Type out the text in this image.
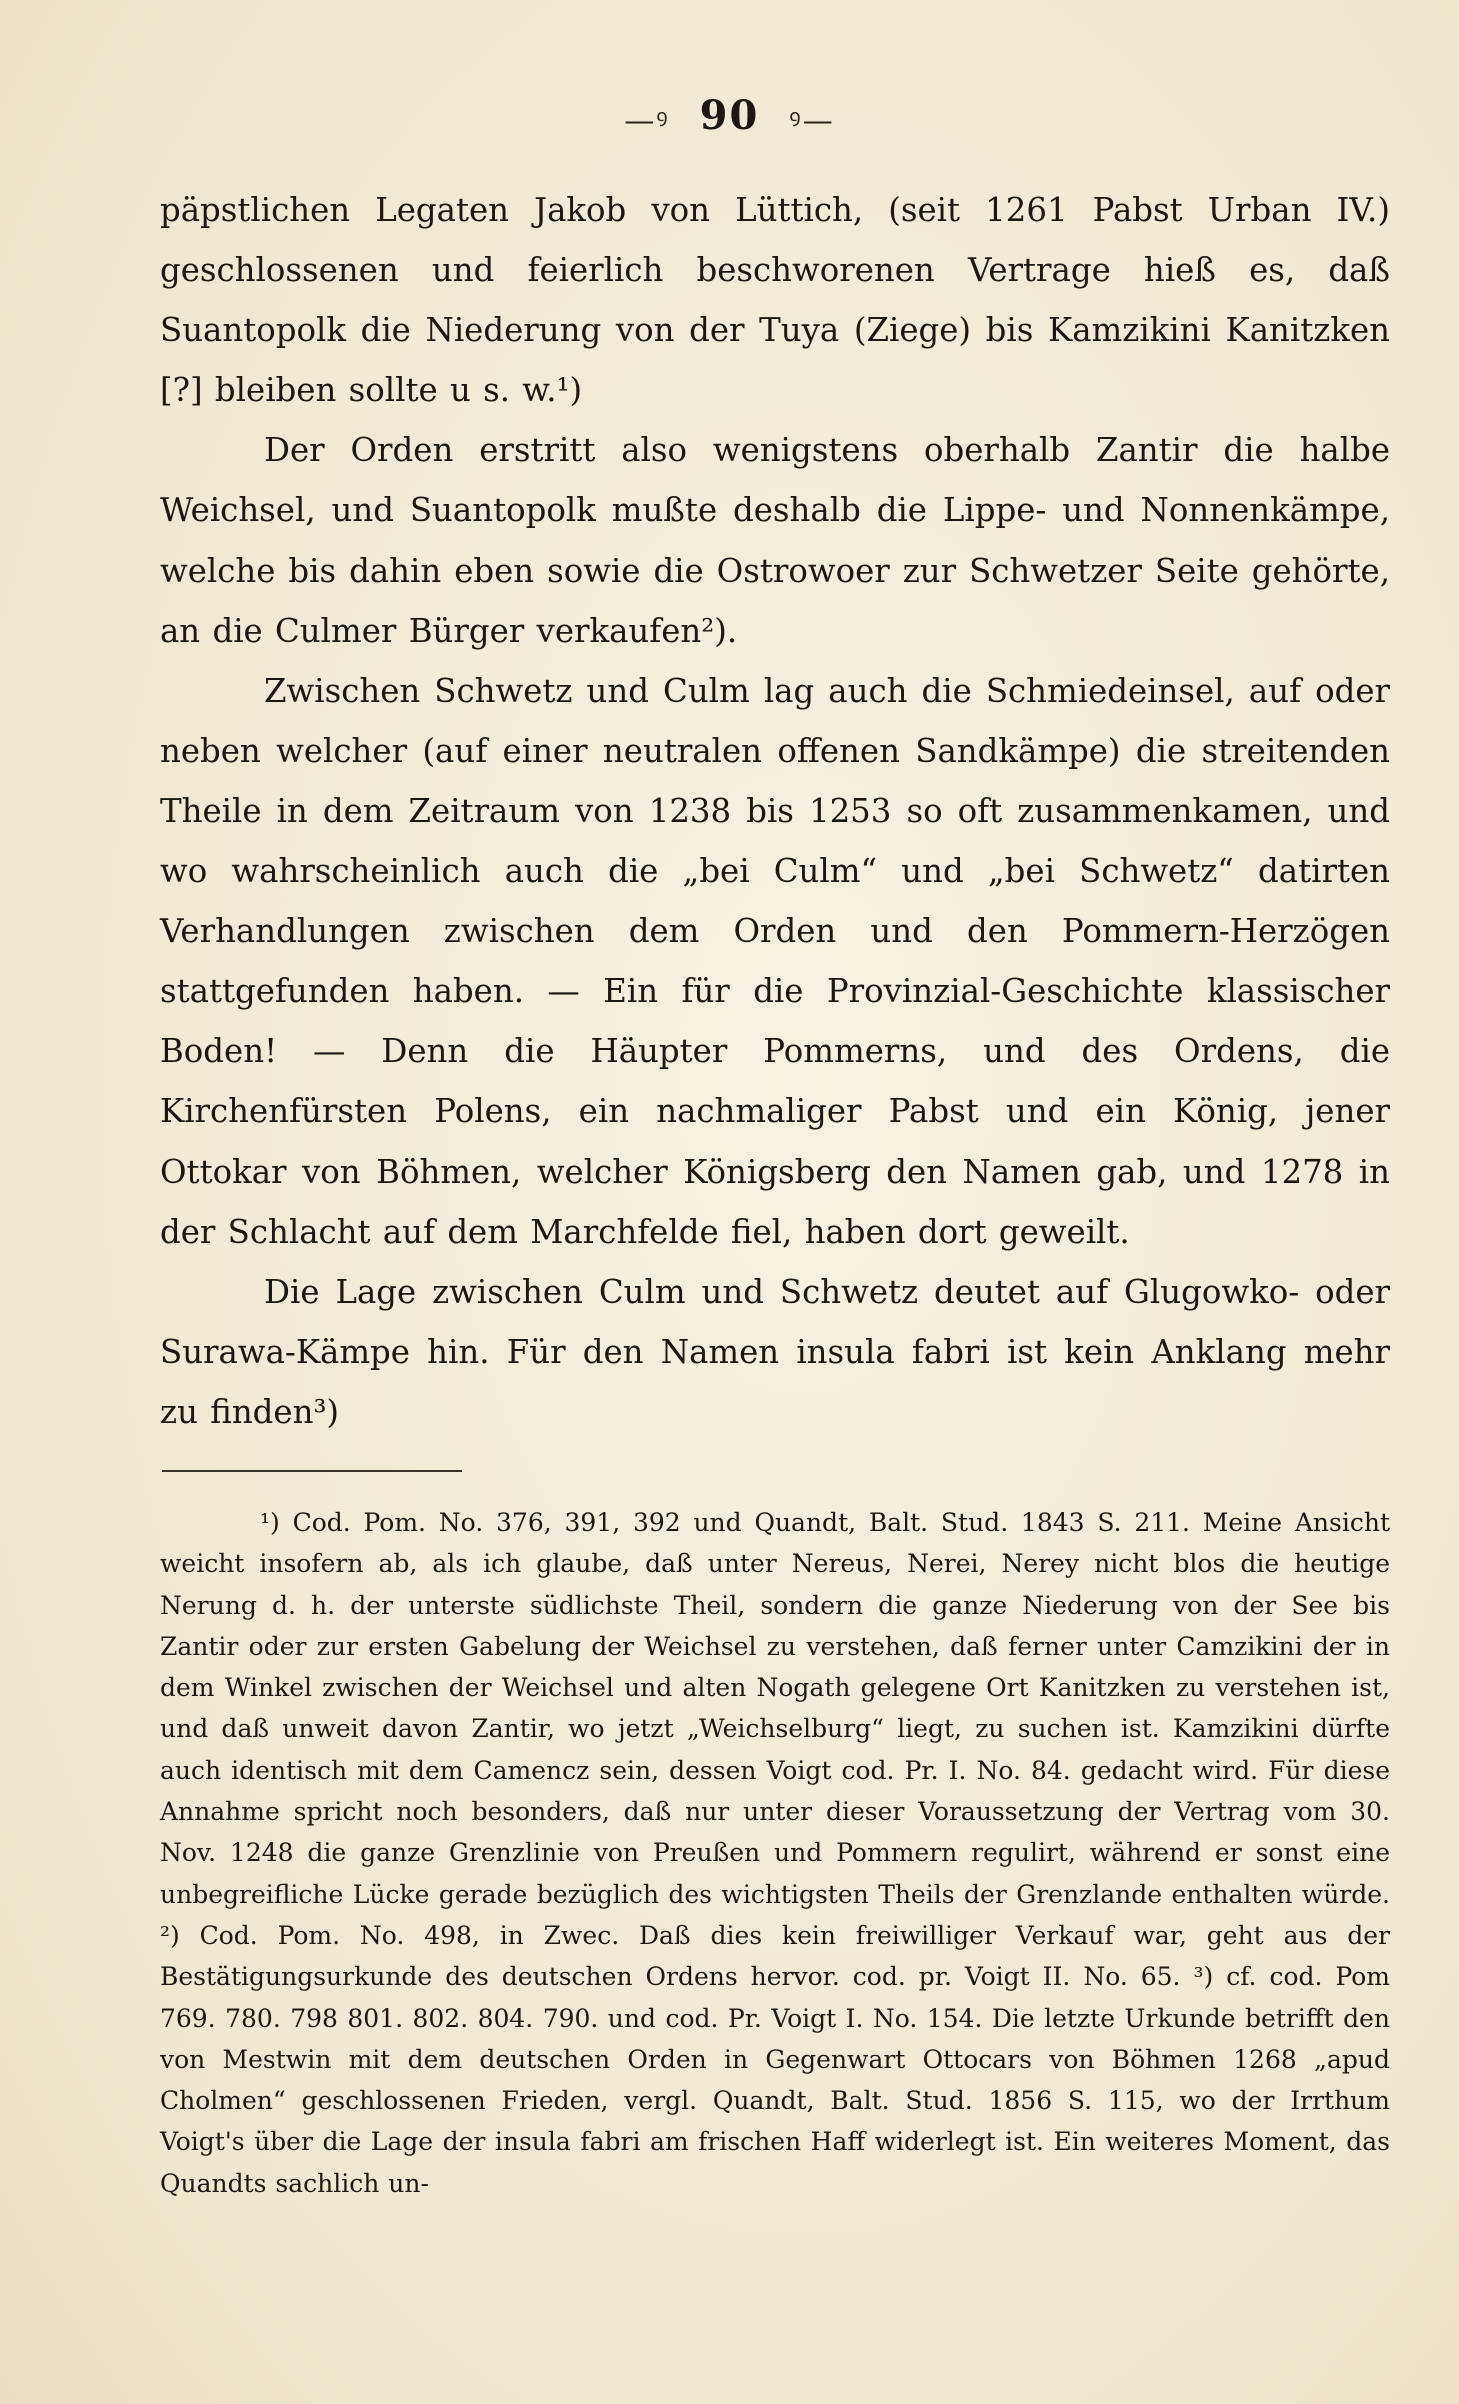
—ꝰ 90 ꝰ—

päpstlichen Legaten Jakob von Lüttich, (seit 1261 Pabst Urban IV.) geschlossenen und feierlich beschworenen Vertrage hieß es, daß Suantopolk die Niederung von der Tuya (Ziege) bis Kamzikini Kanitzken [?] bleiben sollte u s. w.¹)

Der Orden erstritt also wenigstens oberhalb Zantir die halbe Weichsel, und Suantopolk mußte deshalb die Lippe- und Nonnenkämpe, welche bis dahin eben sowie die Ostrowoer zur Schwetzer Seite gehörte, an die Culmer Bürger verkaufen²).

Zwischen Schwetz und Culm lag auch die Schmiedeinsel, auf oder neben welcher (auf einer neutralen offenen Sandkämpe) die streitenden Theile in dem Zeitraum von 1238 bis 1253 so oft zusammenkamen, und wo wahrscheinlich auch die „bei Culm“ und „bei Schwetz“ datirten Verhandlungen zwischen dem Orden und den Pommern-Herzögen stattgefunden haben. — Ein für die Provinzial-Geschichte klassischer Boden! — Denn die Häupter Pommerns, und des Ordens, die Kirchenfürsten Polens, ein nachmaliger Pabst und ein König, jener Ottokar von Böhmen, welcher Königsberg den Namen gab, und 1278 in der Schlacht auf dem Marchfelde fiel, haben dort geweilt.

Die Lage zwischen Culm und Schwetz deutet auf Glugowko- oder Surawa-Kämpe hin. Für den Namen insula fabri ist kein Anklang mehr zu finden³)

¹) Cod. Pom. No. 376, 391, 392 und Quandt, Balt. Stud. 1843 S. 211. Meine Ansicht weicht insofern ab, als ich glaube, daß unter Nereus, Nerei, Nerey nicht blos die heutige Nerung d. h. der unterste südlichste Theil, sondern die ganze Niederung von der See bis Zantir oder zur ersten Gabelung der Weichsel zu verstehen, daß ferner unter Camzikini der in dem Winkel zwischen der Weichsel und alten Nogath gelegene Ort Kanitzken zu verstehen ist, und daß unweit davon Zantir, wo jetzt „Weichselburg“ liegt, zu suchen ist. Kamzikini dürfte auch identisch mit dem Camencz sein, dessen Voigt cod. Pr. I. No. 84. gedacht wird. Für diese Annahme spricht noch besonders, daß nur unter dieser Voraussetzung der Vertrag vom 30. Nov. 1248 die ganze Grenzlinie von Preußen und Pommern regulirt, während er sonst eine unbegreifliche Lücke gerade bezüglich des wichtigsten Theils der Grenzlande enthalten würde. ²) Cod. Pom. No. 498, in Zwec. Daß dies kein freiwilliger Verkauf war, geht aus der Bestätigungsurkunde des deutschen Ordens hervor. cod. pr. Voigt II. No. 65. ³) cf. cod. Pom 769. 780. 798 801. 802. 804. 790. und cod. Pr. Voigt I. No. 154. Die letzte Urkunde betrifft den von Mestwin mit dem deutschen Orden in Gegenwart Ottocars von Böhmen 1268 „apud Cholmen“ geschlossenen Frieden, vergl. Quandt, Balt. Stud. 1856 S. 115, wo der Irrthum Voigt's über die Lage der insula fabri am frischen Haff widerlegt ist. Ein weiteres Moment, das Quandts sachlich un-
